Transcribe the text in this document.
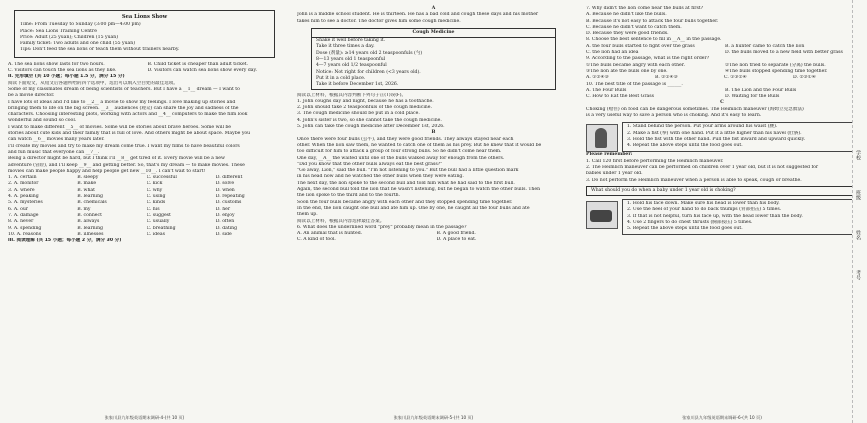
Sea Lions Show
Time: From Tuesday to Sunday (3:00 pm—4:00 pm)
Place: Sea Lions Training Centre
Price: Adult (25 yuan); Children (15 yuan)
Family ticket: Two adults and one child (55 yuan)
Tips: Don't feed the sea lions or teach them without trainers nearby.
A. The sea lions show lasts for two hours.	B. Child ticket is cheaper than adult ticket.
C. Visitors can touch the sea lions as they like.	D. Visitors can watch sea lions show every day.
II. 完形填空 (共 10 小题；每小题 1.5 分，满分 15 分)
阅读下面短文，从短文后各题所给的四个选项中，选出可以填入空白处的最佳选项。
Some of my classmates dream of being scientists or teachers. But I have a __1__ dream — I want to
be a movie director.
I have lots of ideas and I'd like to __2__ a movie to show my feelings. I love making up stories and
bringing them to life on the big screen. __3__ audiences (观众) can share the joy and sadness of the
characters. Choosing interesting plots, working with actors and __4__ computers to make the film look
wonderful and sound so cool.
I want to make different __5__ of movies. Some will be stories about brave heroes. Some will be
stories about cute kids and their family that is full of love. And others might be about space. Maybe you
can watch __6__ movies many years later.
I'll create my movies and try to make my dream come true. I want my films to have beautiful colors
and fun music that everyone can __7__.
Being a director might be hard, but I think I'll __8__ get tired of it. Every movie will be a new
adventure (冒险), and I'll keep __9__ and getting better. So, that's my dream — to make movies. These
movies can make people happy and help people get new __10__. I can't wait to start!
1. A. certain	B. sleepy	C. successful	D. different
2. A. monitor	B. make	C. kick	D. solve
3. A. where	B. what	C. why	D. when
4. A. peaking	B. learning	C. using	D. repeating
5. A. mysteries	B. chemicals	C. kinds	D. customs
6. A. our	B. my	C. his	D. her
7. A. damage	B. connect	C. suggest	D. enjoy
8. A. never	B. always	C. usually	D. often
9. A. spending	B. learning	C. breathing	D. dating
10. A. reasons	B. illnesses	C. ideas	D. side
III. 阅读理解 (共 15 小题；每小题 2 分，满分 30 分)
张家川县九年级英语期末调研-4-(共 10 页)
A
John is a middle school student. He is thirteen. He has a bad cold and cough these days and his mother
takes him to see a doctor. The doctor gives him some cough medicine.
Cough Medicine
Shake it well before taking it.
Take it three times a day.
Dose (剂量): ≥14 years old 2 teaspoonfuls (勺)
8—13 years old 1 teaspoonful
4—7 years old 1/2 teaspoonful
Notice: Not right for children (<3 years old).
Put it in a cold place.
Take it before December 1st, 2026.
阅读以上材料，根据其内容判断下列句子正(T)误(F)。
1. John coughs day and night, because he has a toothache.
2. John should take 2 teaspoonfuls of the cough medicine.
3. The cough medicine should be put in a cold place.
4. John's sister is two, so she cannot take the cough medicine.
5. John can take the cough medicine after December 1st, 2026.
B
Once there were four bulls (公牛), and they were good friends. They always stayed near each
other. When the lion saw them, he wanted to catch one of them as his prey. But he knew that it would be
too difficult for him to attack a group of four strong bulls. So he didn't come near them.
One day, __A__ the waited until one of the bulls walked away for enough from the others.
"Did you know that the other bulls always eat the best grass?"
"Go away, Lion," said the bull. "I'm not listening to you." But the bull had a little question mark
in his head now and he watched the other bulls when they were eating.
The next day, the lion spoke to the second bull and told him what he had said to the first bull.
Again, the second bull told the lion that he wasn't listening, but he began to watch the other bulls. Then
the lion spoke to the third and to the fourth.
Soon the four bulls became angry with each other and they stopped spending time together.
In the end, the lion caught one bull and ate him up. One by one, he caught all the four bulls and ate
them up.
阅读以上材料，根据其内容选择最佳答案。
6. What does the underlined word "prey" probably mean in the passage?
A. An animal that is hunted.	B. A good friend.
C. A kind of tool.	D. A place to eat.
张家川县九年级英语期末调研-5-(共 10 页)
7. Why didn't the lion come near the bulls at first?
A. Because he didn't like the bulls.
B. Because it's not easy to attack the four bulls together.
C. Because he didn't want to catch them.
D. Because they were good friends.
8. Choose the best sentence to fill in __A__ in the passage.
A. the four bulls started to fight over the grass	B. a hunter came to catch the lion
C. the lion had an idea	D. the bulls moved to a new field with better grass
9. According to the passage, what is the right order?
①The bulls became angry with each other.	②The lion tried to separate (分离) the bulls.
③The lion ate the bulls one by one.	④The bulls stopped spending time together.
A. ①②④③	B. ②①④③	C. ①③②④	D. ②③①④
10. The best title of the passage is ______.
A. The Four Bulls	B. The Lion and the Four Bulls
C. How to Eat the Best Grass	D. Waiting for the Bulls
C
Choking (噎住) on food can be dangerous sometimes. The Heimlich maneuver (海姆立克急救法)
is a very useful way to save a person who is choking. And it's easy to learn.
1. Stand behind the person. Put your arms around his waist (腰).
2. Make a fist (拳) with one hand. Put it a little higher than his navel (肚脐).
3. Hold the fist with the other hand. Pull the fist inward and upward quickly.
4. Repeat the above steps until the food goes out.
Please remember:
1. Call 120 first before performing the Heimlich maneuver.
2. The Heimlich maneuver can be performed on children over 1 year old, but it is not suggested for
babies under 1 year old.
3. Do not perform the Heimlich maneuver when a person is able to speak, cough or breathe.
What should you do when a baby under 1 year old is choking?
1. Hold his face down. Make sure his head is lower than his body.
2. Use the heel of your hand to do back thumps (背部拍击) 5 times.
3. If that is not helpful, turn his face up, with the head lower than the body.
4. Use 2 fingers to do chest thrusts (胸部按压) 5 times.
5. Repeat the above steps until the food goes out.
张家川县九年级英语期末调研-6-(共 10 页)
学校
班级
姓名
考号
